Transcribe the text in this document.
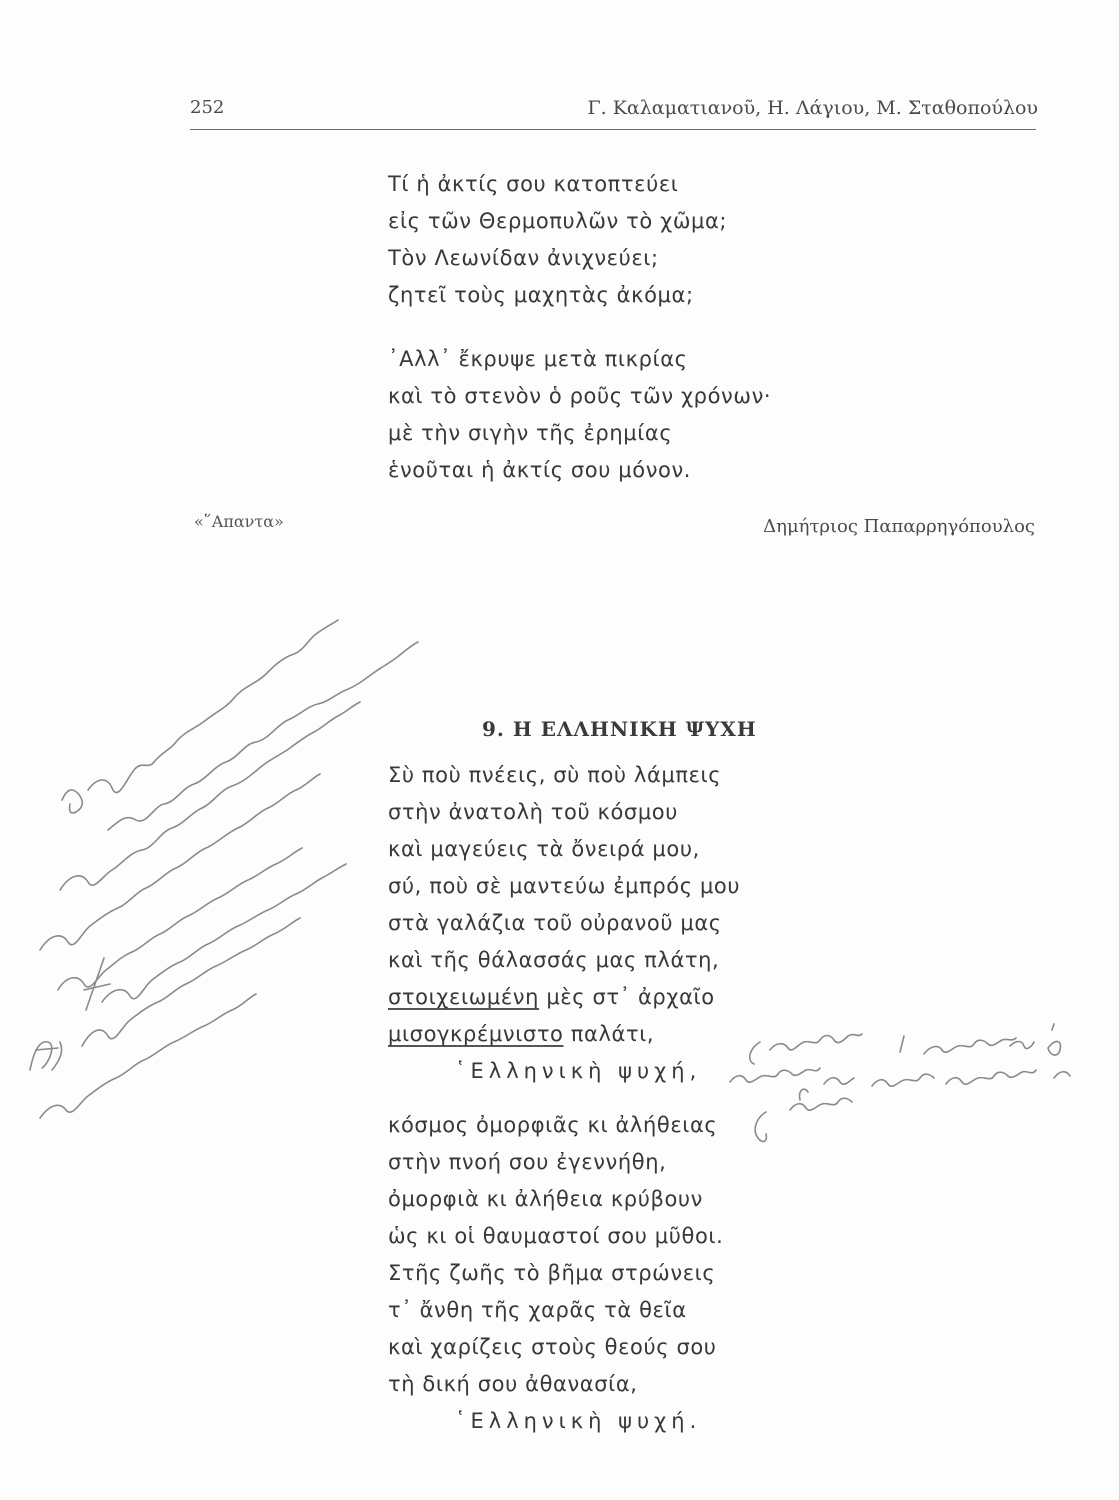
252	Γ. Καλαματιανοῦ, Η. Λάγιου, Μ. Σταθοπούλου
Τί ἡ ἀκτίς σου κατοπτεύει
εἰς τῶν Θερμοπυλῶν τὸ χῶμα;
Τὸν Λεωνίδαν ἀνιχνεύει;
ζητεῖ τοὺς μαχητὰς ἀκόμα;
᾿Αλλ᾿ ἔκρυψε μετὰ πικρίας
καὶ τὸ στενὸν ὁ ροῦς τῶν χρόνων·
μὲ τὴν σιγὴν τῆς ἐρημίας
ἑνοῦται ἡ ἀκτίς σου μόνον.
«῞Απαντα»	Δημήτριος Παπαρρηγόπουλος
9. Η ΕΛΛΗΝΙΚΗ ΨΥΧΗ
Σὺ ποὺ πνέεις, σὺ ποὺ λάμπεις
στὴν ἀνατολὴ τοῦ κόσμου
καὶ μαγεύεις τὰ ὄνειρά μου,
σύ, ποὺ σὲ μαντεύω ἐμπρός μου
στὰ γαλάζια τοῦ οὐρανοῦ μας
καὶ τῆς θάλασσάς μας πλάτη,
στοιχειωμένη μὲς στ᾿ ἀρχαῖο
μισογκρέμνιστο παλάτι,
῾Ελληνικὴ ψυχή,
κόσμος ὀμορφιᾶς κι ἀλήθειας
στὴν πνοή σου ἐγεννήθη,
ὀμορφιὰ κι ἀλήθεια κρύβουν
ὡς κι οἱ θαυμαστοί σου μῦθοι.
Στῆς ζωῆς τὸ βῆμα στρώνεις
τ᾿ ἄνθη τῆς χαρᾶς τὰ θεῖα
καὶ χαρίζεις στοὺς θεούς σου
τὴ δική σου ἀθανασία,
῾Ελληνικὴ ψυχή.
